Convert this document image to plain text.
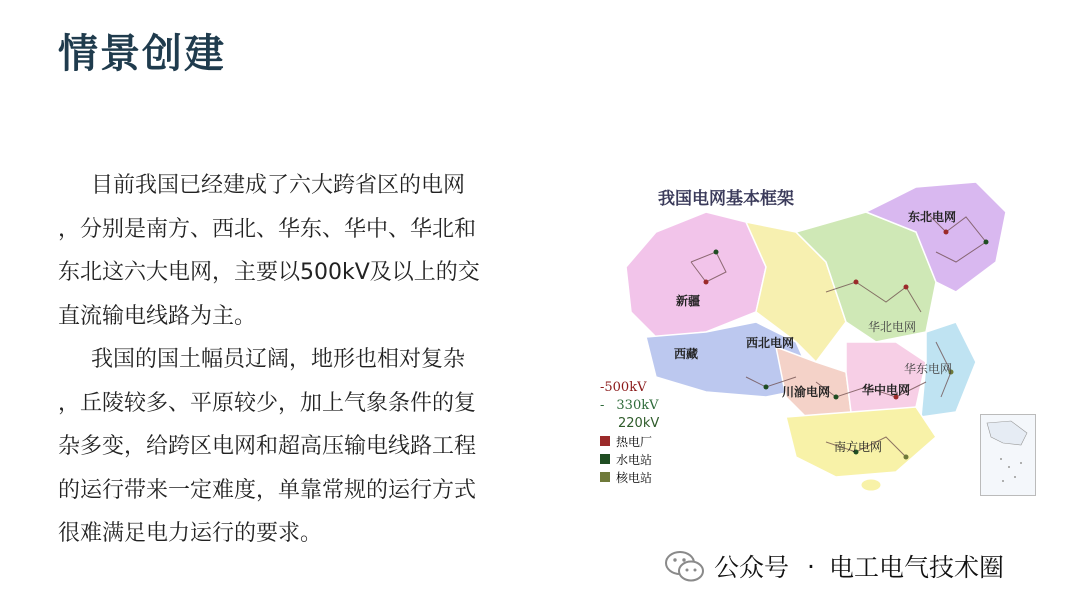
情景创建
目前我国已经建成了六大跨省区的电网
，分别是南方、西北、华东、华中、华北和
东北这六大电网，主要以500kV及以上的交
直流输电线路为主。
我国的国土幅员辽阔，地形也相对复杂
，丘陵较多、平原较少，加上气象条件的复
杂多变，给跨区电网和超高压输电线路工程
的运行带来一定难度，单靠常规的运行方式
很难满足电力运行的要求。
我国电网基本框架
东北电网
新疆
西北电网
华北电网
西藏
华东电网
川渝电网	华中电网
南方电网
-500kV
- 330kV
220kV
热电厂
水电站
核电站
公众号 · 电工电气技术圈
